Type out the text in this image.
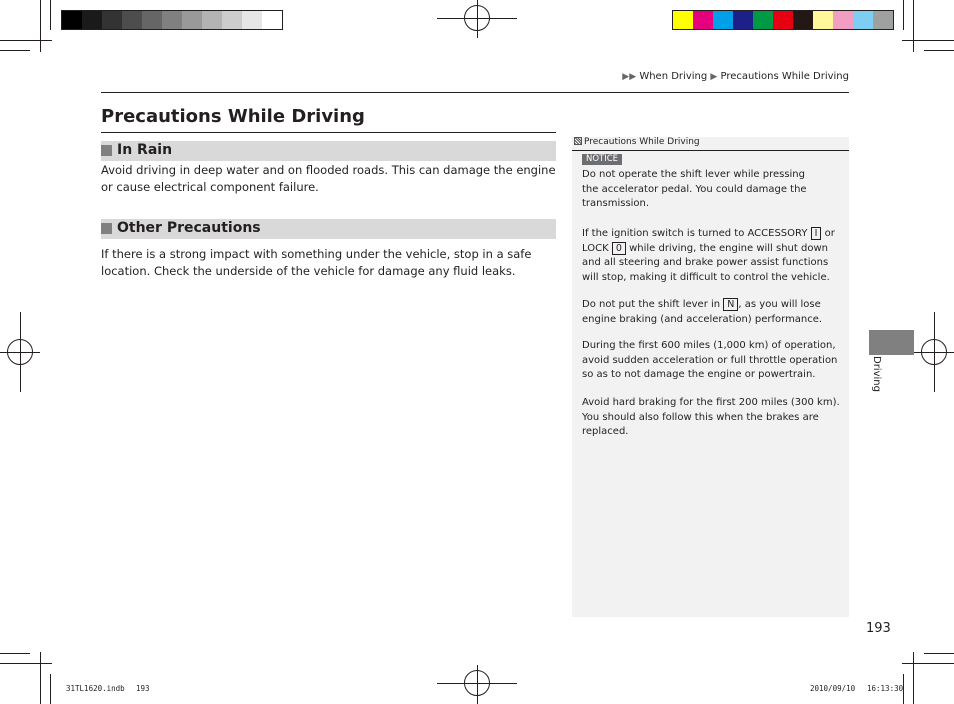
▶▶ When Driving ▶ Precautions While Driving
Precautions While Driving
In Rain
Avoid driving in deep water and on flooded roads. This can damage the engine or cause electrical component failure.
Other Precautions
If there is a strong impact with something under the vehicle, stop in a safe location. Check the underside of the vehicle for damage any fluid leaks.
Precautions While Driving
NOTICE
Do not operate the shift lever while pressing the accelerator pedal. You could damage the transmission.
If the ignition switch is turned to ACCESSORY I or LOCK 0 while driving, the engine will shut down and all steering and brake power assist functions will stop, making it difficult to control the vehicle.
Do not put the shift lever in N , as you will lose engine braking (and acceleration) performance.
During the first 600 miles (1,000 km) of operation, avoid sudden acceleration or full throttle operation so as to not damage the engine or powertrain.
Avoid hard braking for the first 200 miles (300 km). You should also follow this when the brakes are replaced.
Driving
193
31TL1620.indb 193	2010/09/10 16:13:30
